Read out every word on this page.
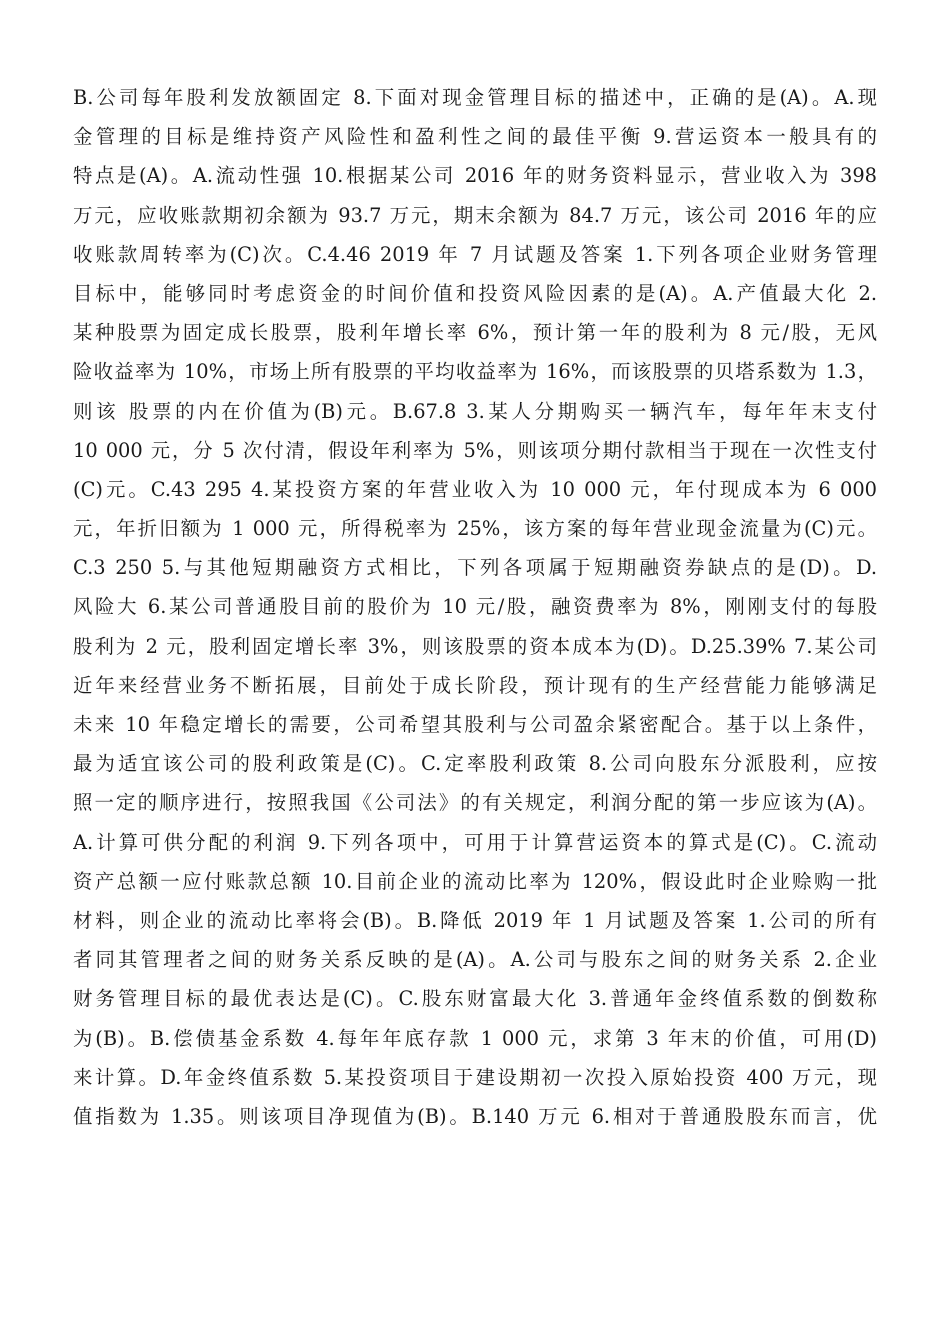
B.公司每年股利发放额固定 8.下面对现金管理目标的描述中，正确的是(A)。A.现
金管理的目标是维持资产风险性和盈利性之间的最佳平衡 9.营运资本一般具有的
特点是(A)。A.流动性强 10.根据某公司 2016 年的财务资料显示，营业收入为 398
万元，应收账款期初余额为 93.7 万元，期末余额为 84.7 万元，该公司 2016 年的应
收账款周转率为(C)次。C.4.46 2019 年 7 月试题及答案 1.下列各项企业财务管理
目标中，能够同时考虑资金的时间价值和投资风险因素的是(A)。A.产值最大化 2.
某种股票为固定成长股票，股利年增长率 6%，预计第一年的股利为 8 元/股，无风
险收益率为 10%，市场上所有股票的平均收益率为 16%，而该股票的贝塔系数为 1.3，
则该 股票的内在价值为(B)元。B.67.8 3.某人分期购买一辆汽车，每年年末支付
10 000 元，分 5 次付清，假设年利率为 5%，则该项分期付款相当于现在一次性支付
(C)元。C.43 295 4.某投资方案的年营业收入为 10 000 元，年付现成本为 6 000
元，年折旧额为 1 000 元，所得税率为 25%，该方案的每年营业现金流量为(C)元。
C.3 250 5.与其他短期融资方式相比，下列各项属于短期融资券缺点的是(D)。D.
风险大 6.某公司普通股目前的股价为 10 元/股，融资费率为 8%，刚刚支付的每股
股利为 2 元，股利固定增长率 3%，则该股票的资本成本为(D)。D.25.39% 7.某公司
近年来经营业务不断拓展，目前处于成长阶段，预计现有的生产经营能力能够满足
未来 10 年稳定增长的需要，公司希望其股利与公司盈余紧密配合。基于以上条件，
最为适宜该公司的股利政策是(C)。C.定率股利政策 8.公司向股东分派股利，应按
照一定的顺序进行，按照我国《公司法》的有关规定，利润分配的第一步应该为(A)。
A.计算可供分配的利润 9.下列各项中，可用于计算营运资本的算式是(C)。C.流动
资产总额一应付账款总额 10.目前企业的流动比率为 120%，假设此时企业赊购一批
材料，则企业的流动比率将会(B)。B.降低 2019 年 1 月试题及答案 1.公司的所有
者同其管理者之间的财务关系反映的是(A)。A.公司与股东之间的财务关系 2.企业
财务管理目标的最优表达是(C)。C.股东财富最大化 3.普通年金终值系数的倒数称
为(B)。B.偿债基金系数 4.每年年底存款 1 000 元，求第 3 年末的价值，可用(D)
来计算。D.年金终值系数 5.某投资项目于建设期初一次投入原始投资 400 万元，现
值指数为 1.35。则该项目净现值为(B)。B.140 万元 6.相对于普通股股东而言，优
